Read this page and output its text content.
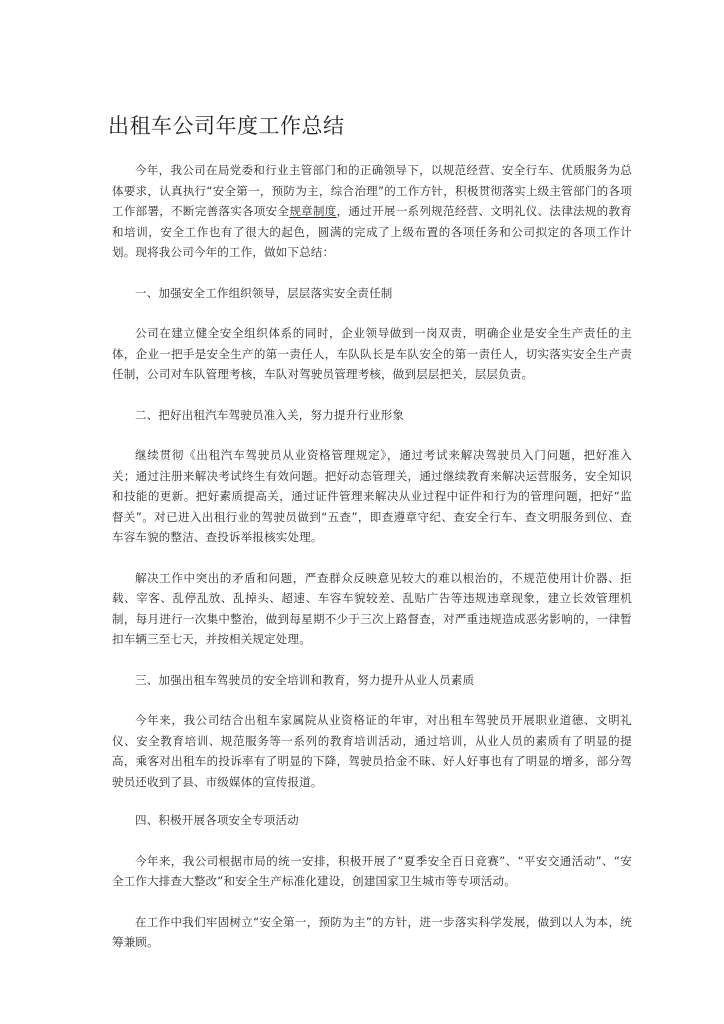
出租车公司年度工作总结

今年，我公司在局党委和行业主管部门和的正确领导下，以规范经营、安全行车、优质服务为总体要求，认真执行“安全第一，预防为主，综合治理”的工作方针，积极贯彻落实上级主管部门的各项工作部署，不断完善落实各项安全规章制度，通过开展一系列规范经营、文明礼仪、法律法规的教育和培训，安全工作也有了很大的起色，圆满的完成了上级布置的各项任务和公司拟定的各项工作计划。现将我公司今年的工作，做如下总结：

一、加强安全工作组织领导，层层落实安全责任制

公司在建立健全安全组织体系的同时，企业领导做到一岗双责，明确企业是安全生产责任的主体，企业一把手是安全生产的第一责任人，车队队长是车队安全的第一责任人，切实落实安全生产责任制，公司对车队管理考核，车队对驾驶员管理考核，做到层层把关，层层负责。

二、把好出租汽车驾驶员准入关，努力提升行业形象

继续贯彻《出租汽车驾驶员从业资格管理规定》，通过考试来解决驾驶员入门问题，把好准入关；通过注册来解决考试终生有效问题。把好动态管理关，通过继续教育来解决运营服务，安全知识和技能的更新。把好素质提高关，通过证件管理来解决从业过程中证件和行为的管理问题，把好“监督关”。对已进入出租行业的驾驶员做到“五查”，即查遵章守纪、查安全行车、查文明服务到位、查车容车貌的整洁、查投诉举报核实处理。

解决工作中突出的矛盾和问题，严查群众反映意见较大的难以根治的，不规范使用计价器、拒载、宰客、乱停乱放、乱掉头、超速、车容车貌较差、乱贴广告等违规违章现象，建立长效管理机制，每月进行一次集中整治，做到每星期不少于三次上路督查，对严重违规造成恶劣影响的，一律暂扣车辆三至七天，并按相关规定处理。

三、加强出租车驾驶员的安全培训和教育，努力提升从业人员素质

今年来，我公司结合出租车家属院从业资格证的年审，对出租车驾驶员开展职业道德、文明礼仪、安全教育培训、规范服务等一系列的教育培训活动，通过培训，从业人员的素质有了明显的提高，乘客对出租车的投诉率有了明显的下降，驾驶员拾金不昧、好人好事也有了明显的增多，部分驾驶员还收到了县、市级媒体的宣传报道。

四、积极开展各项安全专项活动

今年来，我公司根据市局的统一安排，积极开展了“夏季安全百日竞赛”、“平安交通活动”、“安全工作大排查大整改”和安全生产标准化建设，创建国家卫生城市等专项活动。

在工作中我们牢固树立“安全第一，预防为主”的方针，进一步落实科学发展，做到以人为本，统筹兼顾。
